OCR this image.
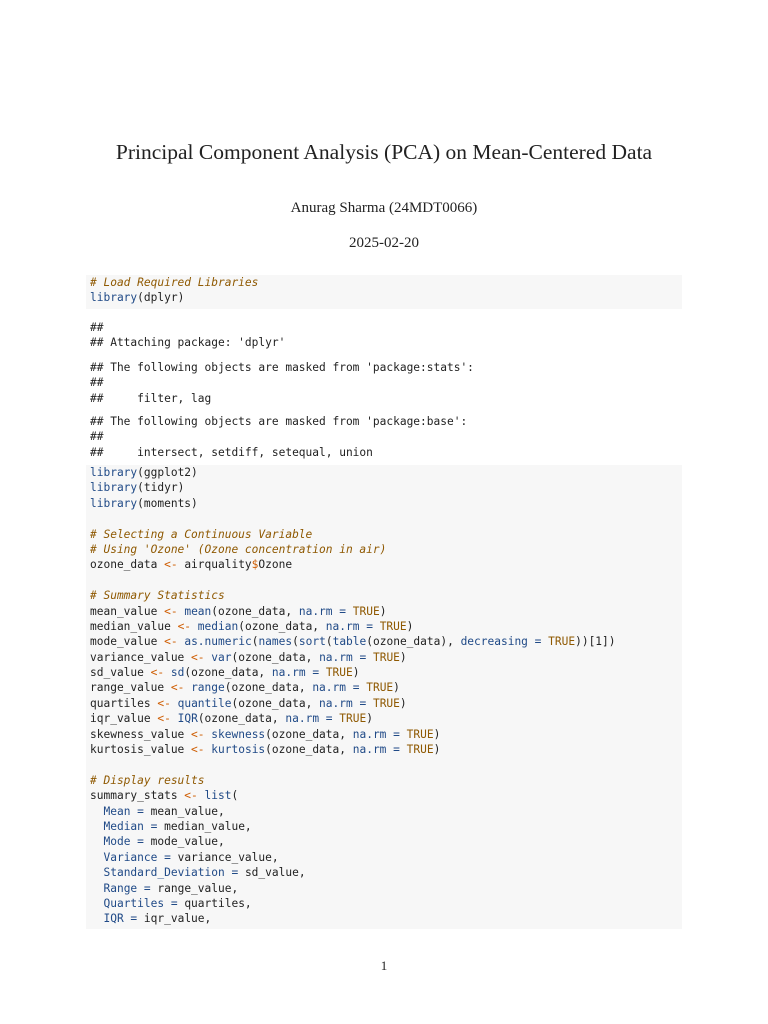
Principal Component Analysis (PCA) on Mean-Centered Data
Anurag Sharma (24MDT0066)
2025-02-20
# Load Required Libraries
library(dplyr)
##
## Attaching package: 'dplyr'
## The following objects are masked from 'package:stats':
##
##     filter, lag
## The following objects are masked from 'package:base':
##
##     intersect, setdiff, setequal, union
library(ggplot2)
library(tidyr)
library(moments)
# Selecting a Continuous Variable
# Using 'Ozone' (Ozone concentration in air)
ozone_data <- airquality$Ozone
# Summary Statistics
mean_value <- mean(ozone_data, na.rm = TRUE)
median_value <- median(ozone_data, na.rm = TRUE)
mode_value <- as.numeric(names(sort(table(ozone_data), decreasing = TRUE))[1])
variance_value <- var(ozone_data, na.rm = TRUE)
sd_value <- sd(ozone_data, na.rm = TRUE)
range_value <- range(ozone_data, na.rm = TRUE)
quartiles <- quantile(ozone_data, na.rm = TRUE)
iqr_value <- IQR(ozone_data, na.rm = TRUE)
skewness_value <- skewness(ozone_data, na.rm = TRUE)
kurtosis_value <- kurtosis(ozone_data, na.rm = TRUE)
# Display results
summary_stats <- list(
Mean = mean_value,
Median = median_value,
Mode = mode_value,
Variance = variance_value,
Standard_Deviation = sd_value,
Range = range_value,
Quartiles = quartiles,
IQR = iqr_value,
1
